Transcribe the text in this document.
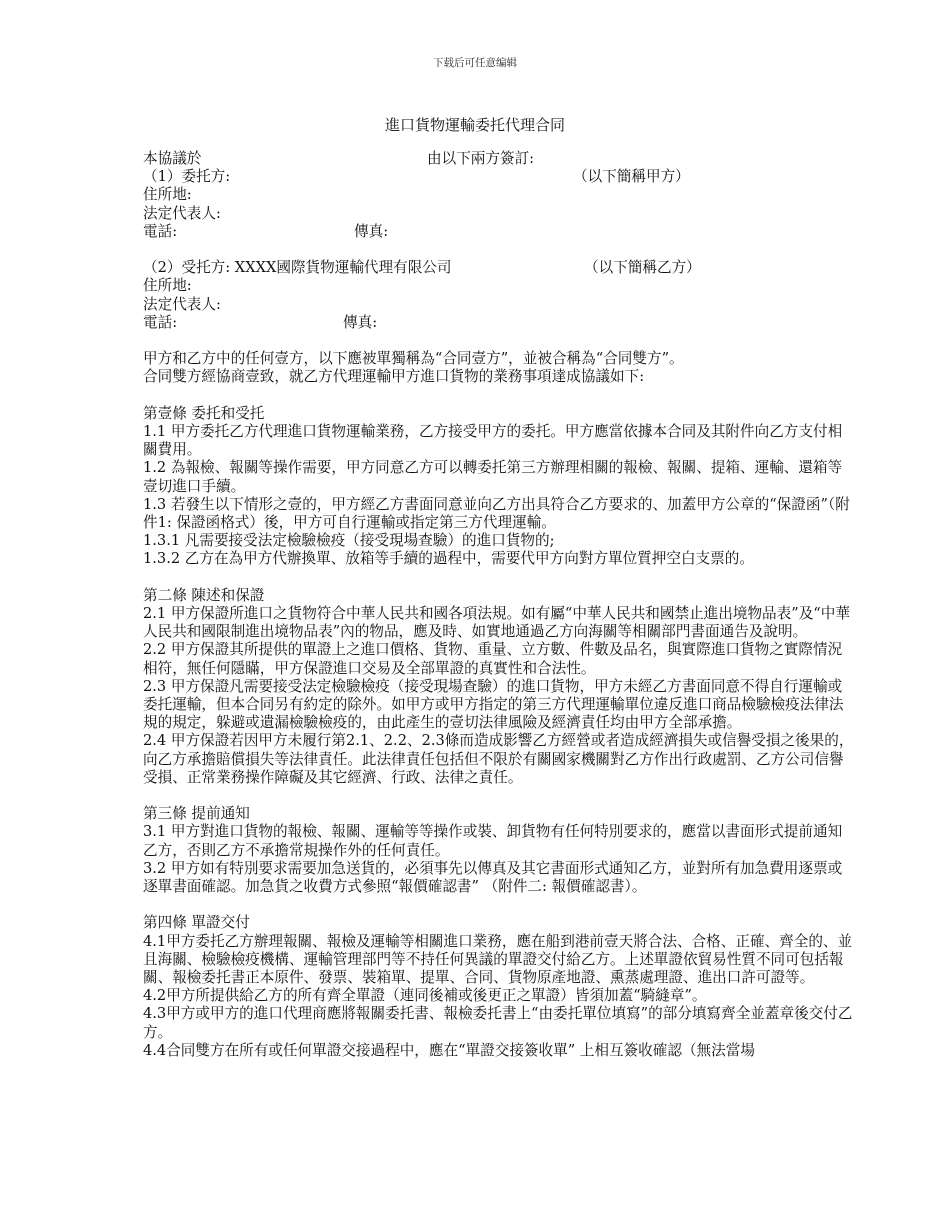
下载后可任意编辑
進口貨物運輸委托代理合同
本協議於	由以下兩方簽訂:
（1）委托方:	（以下簡稱甲方）
住所地:
法定代表人:
電話:	傳真:
（2）受托方: XXXX國際貨物運輸代理有限公司	（以下簡稱乙方）
住所地:
法定代表人:
電話:	傳真:
甲方和乙方中的任何壹方，以下應被單獨稱為“合同壹方”，並被合稱為“合同雙方”。
合同雙方經協商壹致，就乙方代理運輸甲方進口貨物的業務事項達成協議如下:
第壹條 委托和受托
1.1 甲方委托乙方代理進口貨物運輸業務，乙方接受甲方的委托。甲方應當依據本合同及其附件向乙方支付相關費用。
1.2 為報檢、報關等操作需要，甲方同意乙方可以轉委托第三方辦理相關的報檢、報關、提箱、運輸、還箱等壹切進口手續。
1.3 若發生以下情形之壹的，甲方經乙方書面同意並向乙方出具符合乙方要求的、加蓋甲方公章的“保證函”（附件1: 保證函格式）後，甲方可自行運輸或指定第三方代理運輸。
1.3.1 凡需要接受法定檢驗檢疫（接受現場查驗）的進口貨物的;
1.3.2 乙方在為甲方代辦換單、放箱等手續的過程中，需要代甲方向對方單位質押空白支票的。
第二條 陳述和保證
2.1 甲方保證所進口之貨物符合中華人民共和國各項法規。如有屬“中華人民共和國禁止進出境物品表”及“中華人民共和國限制進出境物品表”內的物品，應及時、如實地通過乙方向海關等相關部門書面通告及說明。
2.2 甲方保證其所提供的單證上之進口價格、貨物、重量、立方數、件數及品名，與實際進口貨物之實際情況相符，無任何隱瞞，甲方保證進口交易及全部單證的真實性和合法性。
2.3 甲方保證凡需要接受法定檢驗檢疫（接受現場查驗）的進口貨物，甲方未經乙方書面同意不得自行運輸或委托運輸，但本合同另有約定的除外。如甲方或甲方指定的第三方代理運輸單位違反進口商品檢驗檢疫法律法規的規定，躲避或遺漏檢驗檢疫的，由此產生的壹切法律風險及經濟責任均由甲方全部承擔。
2.4 甲方保證若因甲方未履行第2.1、2.2、2.3條而造成影響乙方經營或者造成經濟損失或信譽受損之後果的，向乙方承擔賠償損失等法律責任。此法律責任包括但不限於有關國家機關對乙方作出行政處罰、乙方公司信譽受損、正常業務操作障礙及其它經濟、行政、法律之責任。
第三條 提前通知
3.1 甲方對進口貨物的報檢、報關、運輸等等操作或裝、卸貨物有任何特別要求的，應當以書面形式提前通知乙方，否則乙方不承擔常規操作外的任何責任。
3.2 甲方如有特別要求需要加急送貨的，必須事先以傳真及其它書面形式通知乙方，並對所有加急費用逐票或逐單書面確認。加急貨之收費方式參照“報價確認書” （附件二: 報價確認書）。
第四條 單證交付
4.1甲方委托乙方辦理報關、報檢及運輸等相關進口業務，應在船到港前壹天將合法、合格、正確、齊全的、並且海關、檢驗檢疫機構、運輸管理部門等不持任何異議的單證交付給乙方。上述單證依貿易性質不同可包括報關、報檢委托書正本原件、發票、裝箱單、提單、合同、貨物原產地證、熏蒸處理證、進出口許可證等。
4.2甲方所提供給乙方的所有齊全單證（連同後補或後更正之單證）皆須加蓋“騎縫章”。
4.3甲方或甲方的進口代理商應將報關委托書、報檢委托書上“由委托單位填寫”的部分填寫齊全並蓋章後交付乙方。
4.4合同雙方在所有或任何單證交接過程中，應在“單證交接簽收單” 上相互簽收確認（無法當場
